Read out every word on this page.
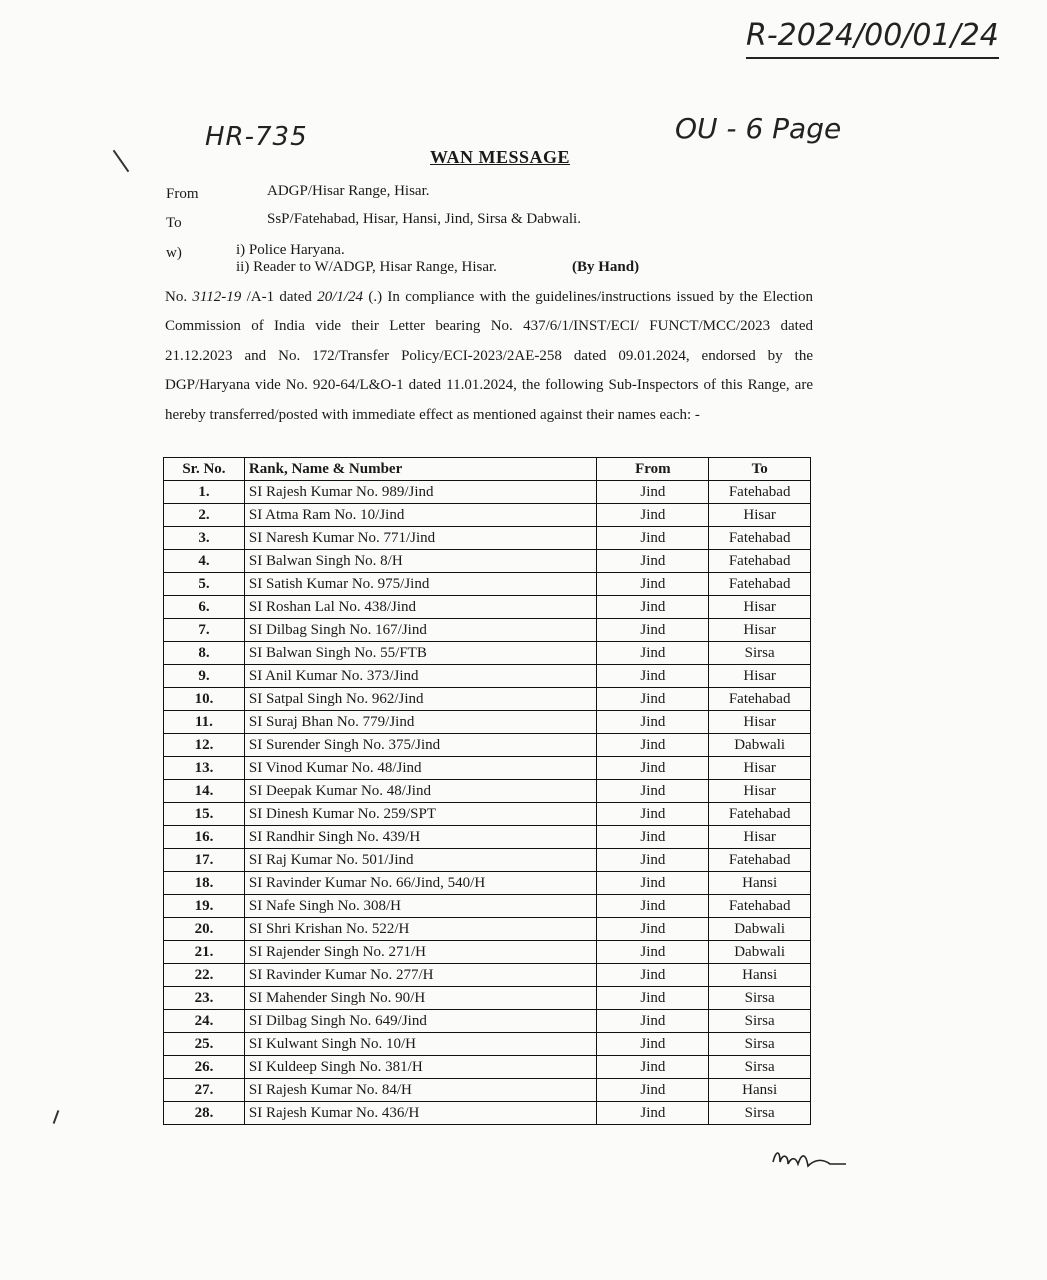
R-2024/00/01/24
HR-735	OU - 6 Page
WAN MESSAGE
From	ADGP/Hisar Range, Hisar.
To	SsP/Fatehabad, Hisar, Hansi, Jind, Sirsa & Dabwali.
w)	i) Police Haryana.
ii) Reader to W/ADGP, Hisar Range, Hisar.	(By Hand)
No. 3112-19 /A-1 dated 20/1/24 (.) In compliance with the guidelines/instructions issued by the Election Commission of India vide their Letter bearing No. 437/6/1/INST/ECI/ FUNCT/MCC/2023 dated 21.12.2023 and No. 172/Transfer Policy/ECI-2023/2AE-258 dated 09.01.2024, endorsed by the DGP/Haryana vide No. 920-64/L&O-1 dated 11.01.2024, the following Sub-Inspectors of this Range, are hereby transferred/posted with immediate effect as mentioned against their names each: -
Sr. No.	Rank, Name & Number	From	To
1.	SI Rajesh Kumar No. 989/Jind	Jind	Fatehabad
2.	SI Atma Ram No. 10/Jind	Jind	Hisar
3.	SI Naresh Kumar No. 771/Jind	Jind	Fatehabad
4.	SI Balwan Singh No. 8/H	Jind	Fatehabad
5.	SI Satish Kumar No. 975/Jind	Jind	Fatehabad
6.	SI Roshan Lal No. 438/Jind	Jind	Hisar
7.	SI Dilbag Singh No. 167/Jind	Jind	Hisar
8.	SI Balwan Singh No. 55/FTB	Jind	Sirsa
9.	SI Anil Kumar No. 373/Jind	Jind	Hisar
10.	SI Satpal Singh No. 962/Jind	Jind	Fatehabad
11.	SI Suraj Bhan No. 779/Jind	Jind	Hisar
12.	SI Surender Singh No. 375/Jind	Jind	Dabwali
13.	SI Vinod Kumar No. 48/Jind	Jind	Hisar
14.	SI Deepak Kumar No. 48/Jind	Jind	Hisar
15.	SI Dinesh Kumar No. 259/SPT	Jind	Fatehabad
16.	SI Randhir Singh No. 439/H	Jind	Hisar
17.	SI Raj Kumar No. 501/Jind	Jind	Fatehabad
18.	SI Ravinder Kumar No. 66/Jind, 540/H	Jind	Hansi
19.	SI Nafe Singh No. 308/H	Jind	Fatehabad
20.	SI Shri Krishan No. 522/H	Jind	Dabwali
21.	SI Rajender Singh No. 271/H	Jind	Dabwali
22.	SI Ravinder Kumar No. 277/H	Jind	Hansi
23.	SI Mahender Singh No. 90/H	Jind	Sirsa
24.	SI Dilbag Singh No. 649/Jind	Jind	Sirsa
25.	SI Kulwant Singh No. 10/H	Jind	Sirsa
26.	SI Kuldeep Singh No. 381/H	Jind	Sirsa
27.	SI Rajesh Kumar No. 84/H	Jind	Hansi
28.	SI Rajesh Kumar No. 436/H	Jind	Sirsa
